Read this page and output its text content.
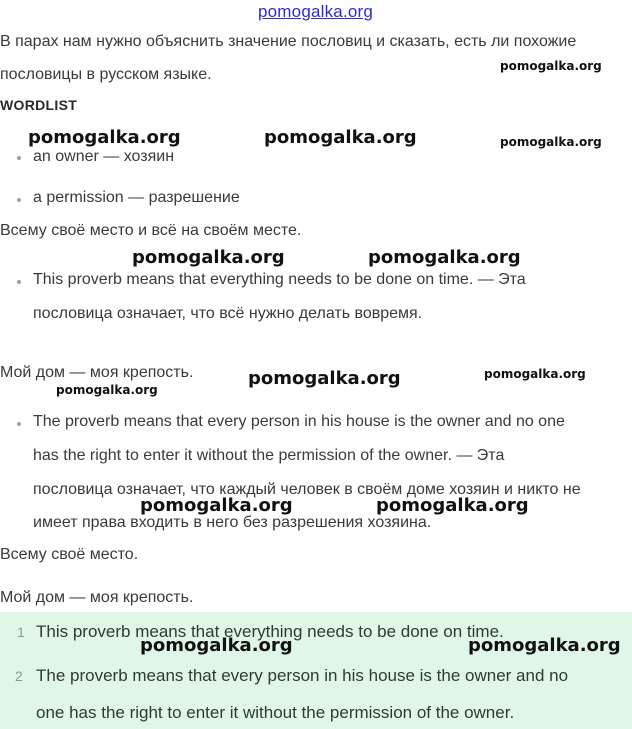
pomogalka.org
В парах нам нужно объяснить значение пословиц и сказать, есть ли похожие
пословицы в русском языке.
WORDLIST
an owner — хозяин
a permission — разрешение
Всему своё место и всё на своём месте.
This proverb means that everything needs to be done on time. — Эта
пословица означает, что всё нужно делать вовремя.
Мой дом — моя крепость.
The proverb means that every person in his house is the owner and no one
has the right to enter it without the permission of the owner. — Эта
пословица означает, что каждый человек в своём доме хозяин и никто не
имеет права входить в него без разрешения хозяина.
Всему своё место.
Мой дом — моя крепость.
1 This proverb means that everything needs to be done on time.
2 The proverb means that every person in his house is the owner and no
one has the right to enter it without the permission of the owner.
pomogalka.org	pomogalka.org
pomogalka.org
pomogalka.org
pomogalka.org	pomogalka.org
pomogalka.org	pomogalka.org
pomogalka.org
pomogalka.org	pomogalka.org
pomogalka.org	pomogalka.org
